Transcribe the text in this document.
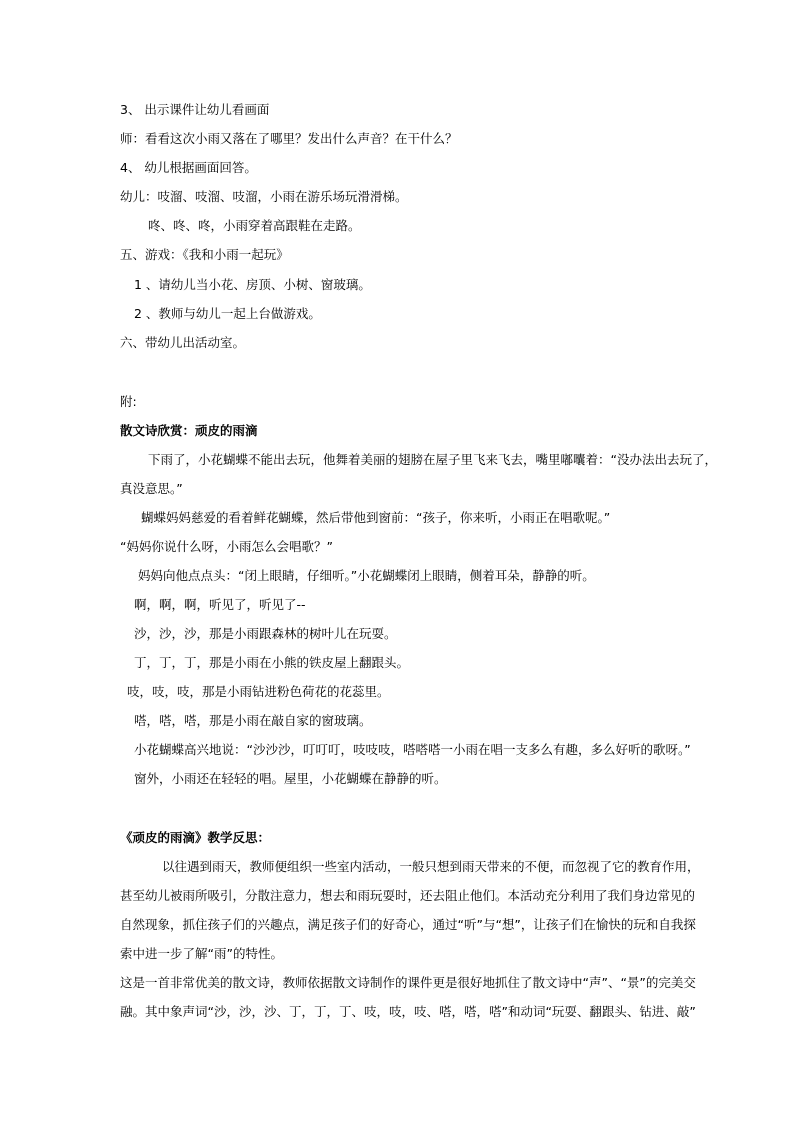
3、 出示课件让幼儿看画面
师：看看这次小雨又落在了哪里？发出什么声音？在干什么？
4、 幼儿根据画面回答。
幼儿：吱溜、吱溜、吱溜，小雨在游乐场玩滑滑梯。
咚、咚、咚，小雨穿着高跟鞋在走路。
五、游戏：《我和小雨一起玩》
1 、请幼儿当小花、房顶、小树、窗玻璃。
2 、教师与幼儿一起上台做游戏。
六、带幼儿出活动室。
附:
散文诗欣赏：顽皮的雨滴
下雨了，小花蝴蝶不能出去玩，他舞着美丽的翅膀在屋子里飞来飞去，嘴里嘟囔着：“没办法出去玩了，
真没意思。”
蝴蝶妈妈慈爱的看着鲜花蝴蝶，然后带他到窗前：“孩子，你来听，小雨正在唱歌呢。”
“妈妈你说什么呀，小雨怎么会唱歌？”
妈妈向他点点头：“闭上眼睛，仔细听。”小花蝴蝶闭上眼睛，侧着耳朵，静静的听。
啊，啊，啊，听见了，听见了--
沙，沙，沙，那是小雨跟森林的树叶儿在玩耍。
丁，丁，丁，那是小雨在小熊的铁皮屋上翻跟头。
吱，吱，吱，那是小雨钻进粉色荷花的花蕊里。
嗒，嗒，嗒，那是小雨在敲自家的窗玻璃。
小花蝴蝶高兴地说：“沙沙沙，叮叮叮，吱吱吱，嗒嗒嗒一小雨在唱一支多么有趣，多么好听的歌呀。”
窗外，小雨还在轻轻的唱。屋里，小花蝴蝶在静静的听。
《顽皮的雨滴》教学反思：
以往遇到雨天，教师便组织一些室内活动，一般只想到雨天带来的不便，而忽视了它的教育作用，
甚至幼儿被雨所吸引，分散注意力，想去和雨玩耍时，还去阻止他们。本活动充分利用了我们身边常见的
自然现象，抓住孩子们的兴趣点，满足孩子们的好奇心，通过“听”与“想”，让孩子们在愉快的玩和自我探
索中进一步了解“雨”的特性。
这是一首非常优美的散文诗，教师依据散文诗制作的课件更是很好地抓住了散文诗中“声”、“景”的完美交
融。其中象声词“沙，沙，沙、丁，丁，丁、吱，吱，吱、嗒，嗒，嗒”和动词“玩耍、翻跟头、钻进、敲”
